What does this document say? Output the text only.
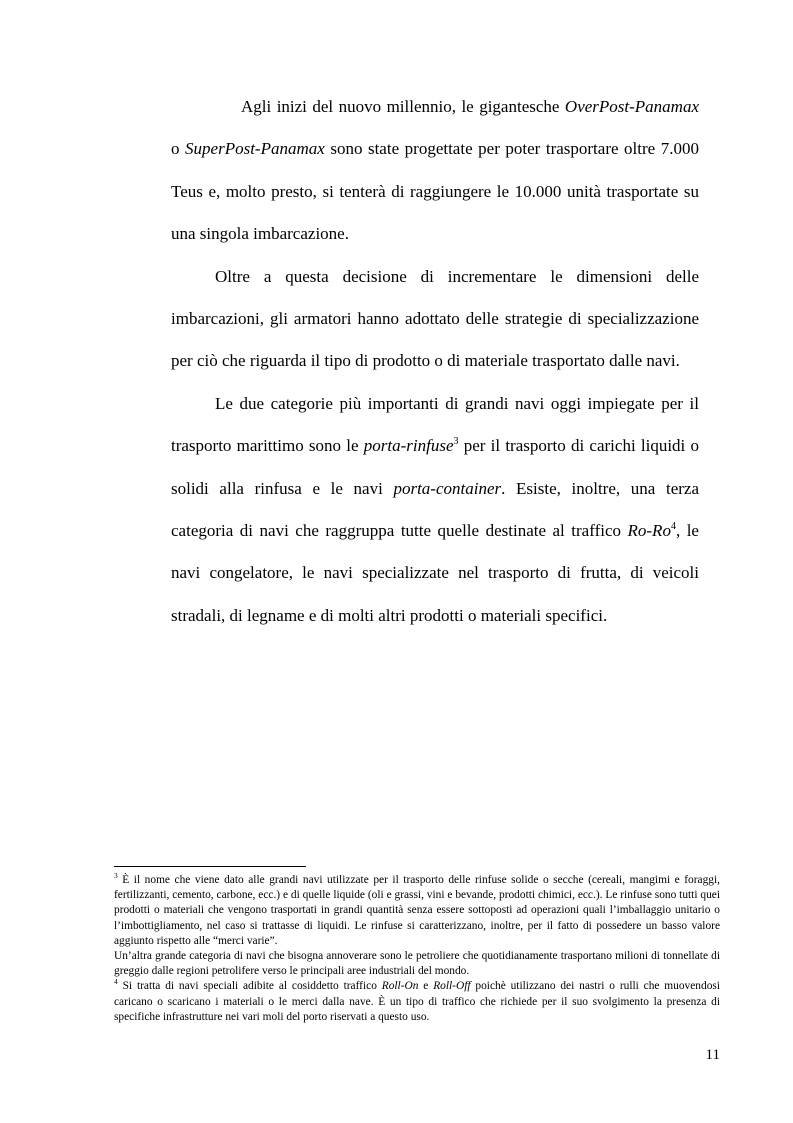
Agli inizi del nuovo millennio, le gigantesche OverPost-Panamax o SuperPost-Panamax sono state progettate per poter trasportare oltre 7.000 Teus e, molto presto, si tenterà di raggiungere le 10.000 unità trasportate su una singola imbarcazione.

Oltre a questa decisione di incrementare le dimensioni delle imbarcazioni, gli armatori hanno adottato delle strategie di specializzazione per ciò che riguarda il tipo di prodotto o di materiale trasportato dalle navi.

Le due categorie più importanti di grandi navi oggi impiegate per il trasporto marittimo sono le porta-rinfuse$^3$ per il trasporto di carichi liquidi o solidi alla rinfusa e le navi porta-container. Esiste, inoltre, una terza categoria di navi che raggruppa tutte quelle destinate al traffico Ro-Ro$^4$, le navi congelatore, le navi specializzate nel trasporto di frutta, di veicoli stradali, di legname e di molti altri prodotti o materiali specifici.

$^3$ È il nome che viene dato alle grandi navi utilizzate per il trasporto delle rinfuse solide o secche (cereali, mangimi e foraggi, fertilizzanti, cemento, carbone, ecc.) e di quelle liquide (oli e grassi, vini e bevande, prodotti chimici, ecc.). Le rinfuse sono tutti quei prodotti o materiali che vengono trasportati in grandi quantità senza essere sottoposti ad operazioni quali l’imballaggio unitario o l’imbottigliamento, nel caso si trattasse di liquidi. Le rinfuse si caratterizzano, inoltre, per il fatto di possedere un basso valore aggiunto rispetto alle “merci varie”.

Un’altra grande categoria di navi che bisogna annoverare sono le petroliere che quotidianamente trasportano milioni di tonnellate di greggio dalle regioni petrolifere verso le principali aree industriali del mondo.

$^4$ Si tratta di navi speciali adibite al cosiddetto traffico Roll-On e Roll-Off poichè utilizzano dei nastri o rulli che muovendosi caricano o scaricano i materiali o le merci dalla nave. È un tipo di traffico che richiede per il suo svolgimento la presenza di specifiche infrastrutture nei vari moli del porto riservati a questo uso.

11
